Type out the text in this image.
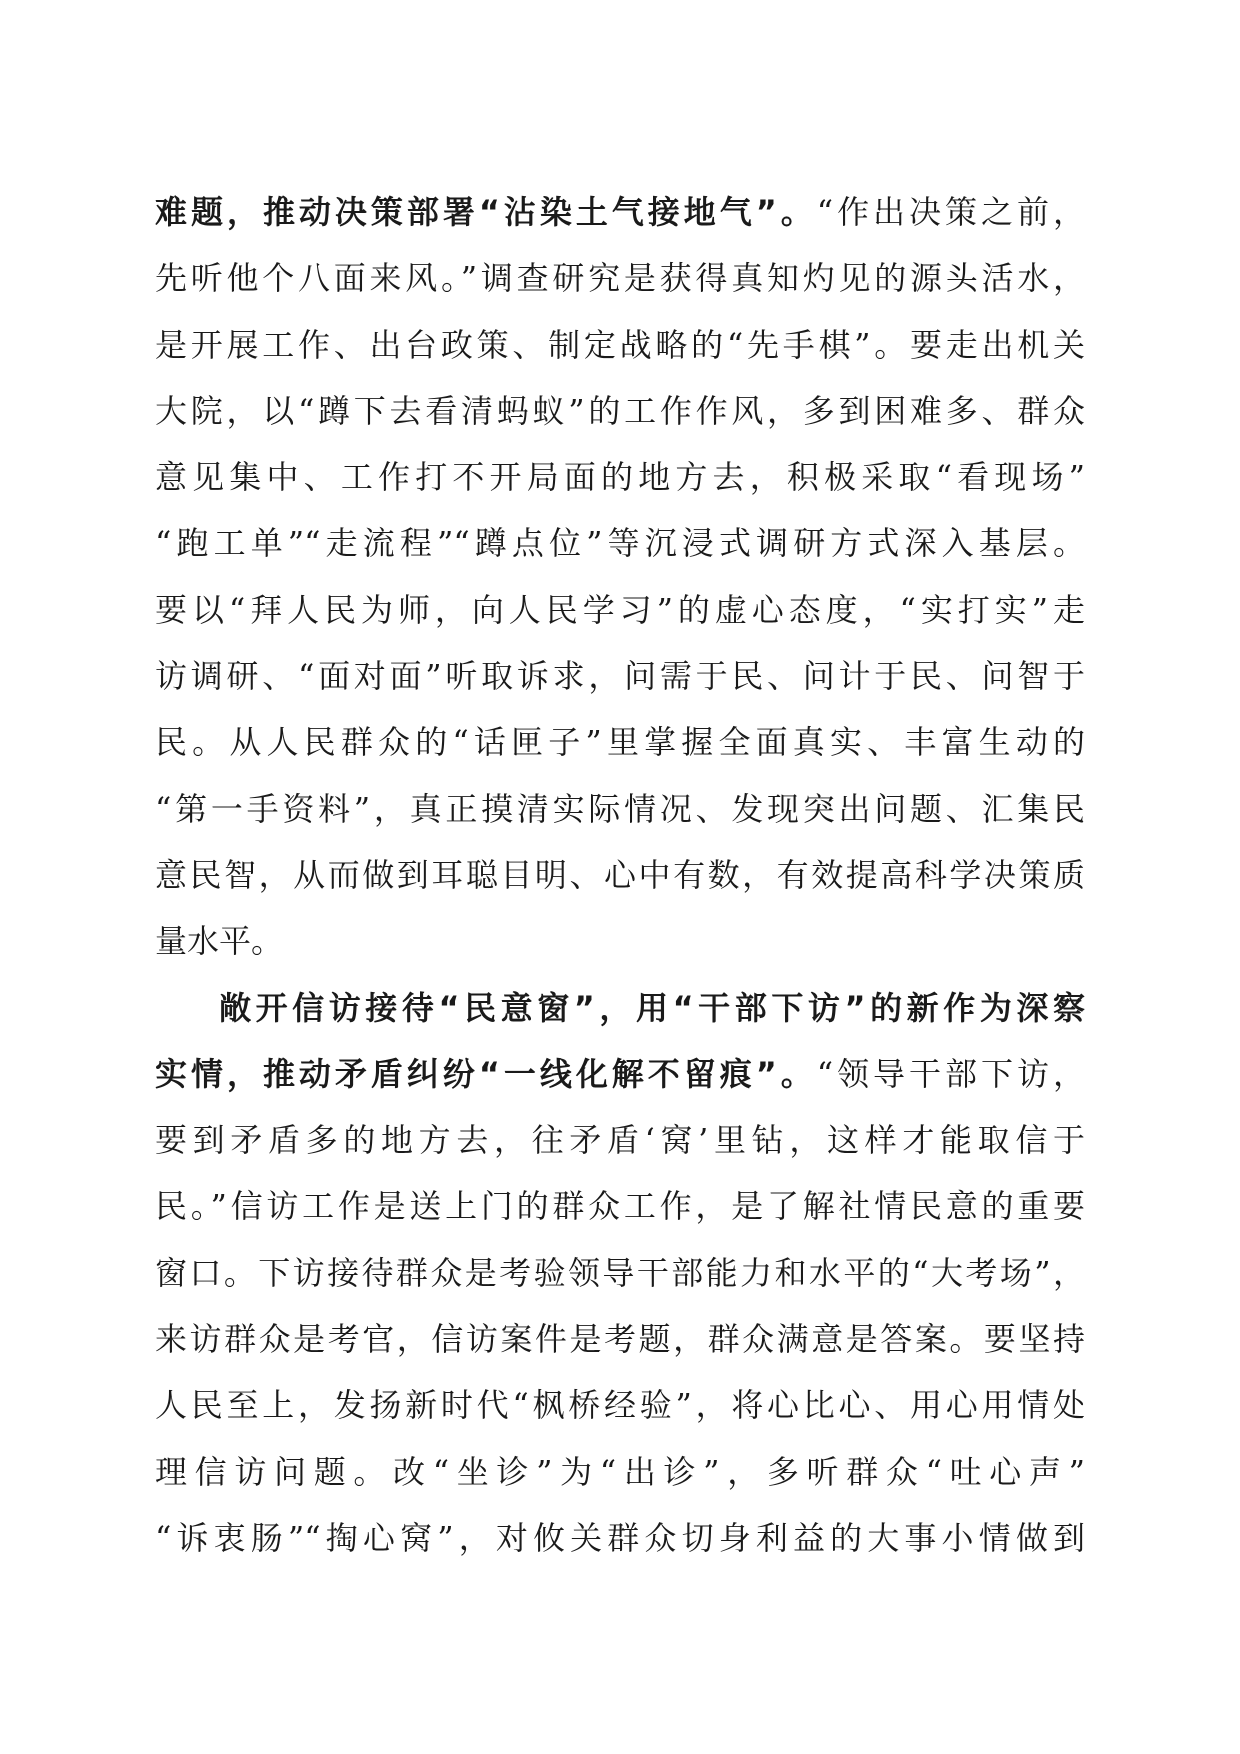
难题，推动决策部署“沾染土气接地气”。“作出决策之前，
先听他个八面来风。”调查研究是获得真知灼见的源头活水，
是开展工作、出台政策、制定战略的“先手棋”。要走出机关
大院，以“蹲下去看清蚂蚁”的工作作风，多到困难多、群众
意见集中、工作打不开局面的地方去，积极采取“看现场”
“跑工单”“走流程”“蹲点位”等沉浸式调研方式深入基层。
要以“拜人民为师，向人民学习”的虚心态度，“实打实”走
访调研、“面对面”听取诉求，问需于民、问计于民、问智于
民。从人民群众的“话匣子”里掌握全面真实、丰富生动的
“第一手资料”，真正摸清实际情况、发现突出问题、汇集民
意民智，从而做到耳聪目明、心中有数，有效提高科学决策质
量水平。
敞开信访接待“民意窗”，用“干部下访”的新作为深察
实情，推动矛盾纠纷“一线化解不留痕”。“领导干部下访，
要到矛盾多的地方去，往矛盾‘窝’里钻，这样才能取信于
民。”信访工作是送上门的群众工作，是了解社情民意的重要
窗口。下访接待群众是考验领导干部能力和水平的“大考场”，
来访群众是考官，信访案件是考题，群众满意是答案。要坚持
人民至上，发扬新时代“枫桥经验”，将心比心、用心用情处
理信访问题。改“坐诊”为“出诊”，多听群众“吐心声”
“诉衷肠”“掏心窝”，对攸关群众切身利益的大事小情做到
